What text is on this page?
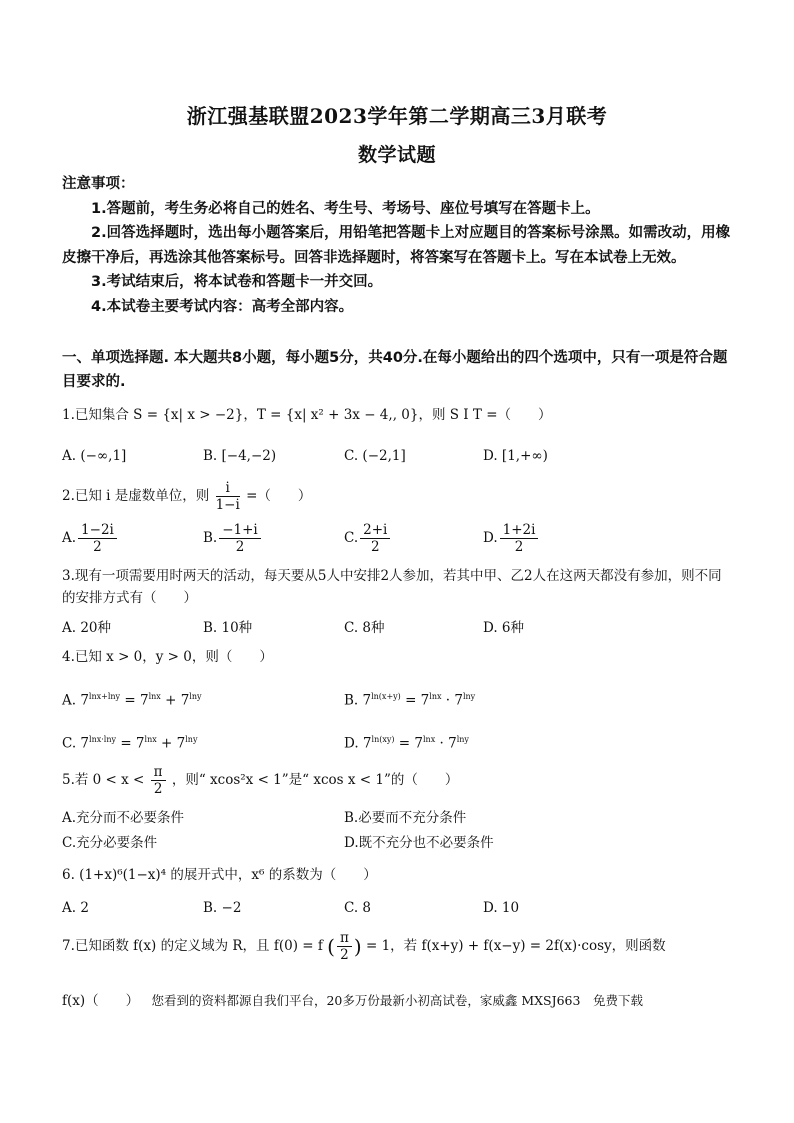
浙江强基联盟2023学年第二学期高三3月联考
数学试题

注意事项：

1.答题前，考生务必将自己的姓名、考生号、考场号、座位号填写在答题卡上。

2.回答选择题时，选出每小题答案后，用铅笔把答题卡上对应题目的答案标号涂黑。如需改动，用橡皮擦干净后，再选涂其他答案标号。回答非选择题时，将答案写在答题卡上。写在本试卷上无效。

3.考试结束后，将本试卷和答题卡一并交回。

4.本试卷主要考试内容：高考全部内容。

一、单项选择题. 本大题共8小题，每小题5分，共40分.在每小题给出的四个选项中，只有一项是符合题目要求的.
1.已知集合 S = {x| x > −2}，T = {x| x² + 3x − 4,, 0}，则 S I T =（　　）
A. (−∞,1]	B. [−4,−2)	C. (−2,1]	D. [1,+∞)
2.已知 i 是虚数单位，则 $\frac{i}{1-i}$ =（　　）
A. $\frac{1-2i}{2}$	B. $\frac{-1+i}{2}$	C. $\frac{2+i}{2}$	D. $\frac{1+2i}{2}$
3.现有一项需要用时两天的活动，每天要从5人中安排2人参加，若其中甲、乙2人在这两天都没有参加，则不同的安排方式有（　　）
A. 20种	B. 10种	C. 8种	D. 6种
4.已知 x > 0，y > 0，则（　　）
A. $7^{lnx+lny} = 7^{lnx} + 7^{lny}$	B. $7^{ln(x+y)} = 7^{lnx} \cdot 7^{lny}$
C. $7^{lnx\cdot lny} = 7^{lnx} + 7^{lny}$	D. $7^{ln(xy)} = 7^{lnx} \cdot 7^{lny}$
5.若 $0 < x < \frac{\pi}{2}$ ，则“ xcos²x < 1”是“ xcos x < 1”的（　　）
A.充分而不必要条件	B.必要而不充分条件
C.充分必要条件	D.既不充分也不必要条件
6. (1+x)⁶(1−x)⁴ 的展开式中，x⁶ 的系数为（　　）
A. 2	B. −2	C. 8	D. 10
7.已知函数 f(x) 的定义域为 R，且 f(0) = f ( $\frac{\pi}{2}$ ) = 1，若 f(x+y) + f(x−y) = 2f(x)·cosy，则函数
f(x)（　　） 您看到的资料都源自我们平台，20多万份最新小初高试卷，家威鑫 MXSJ663　免费下载
